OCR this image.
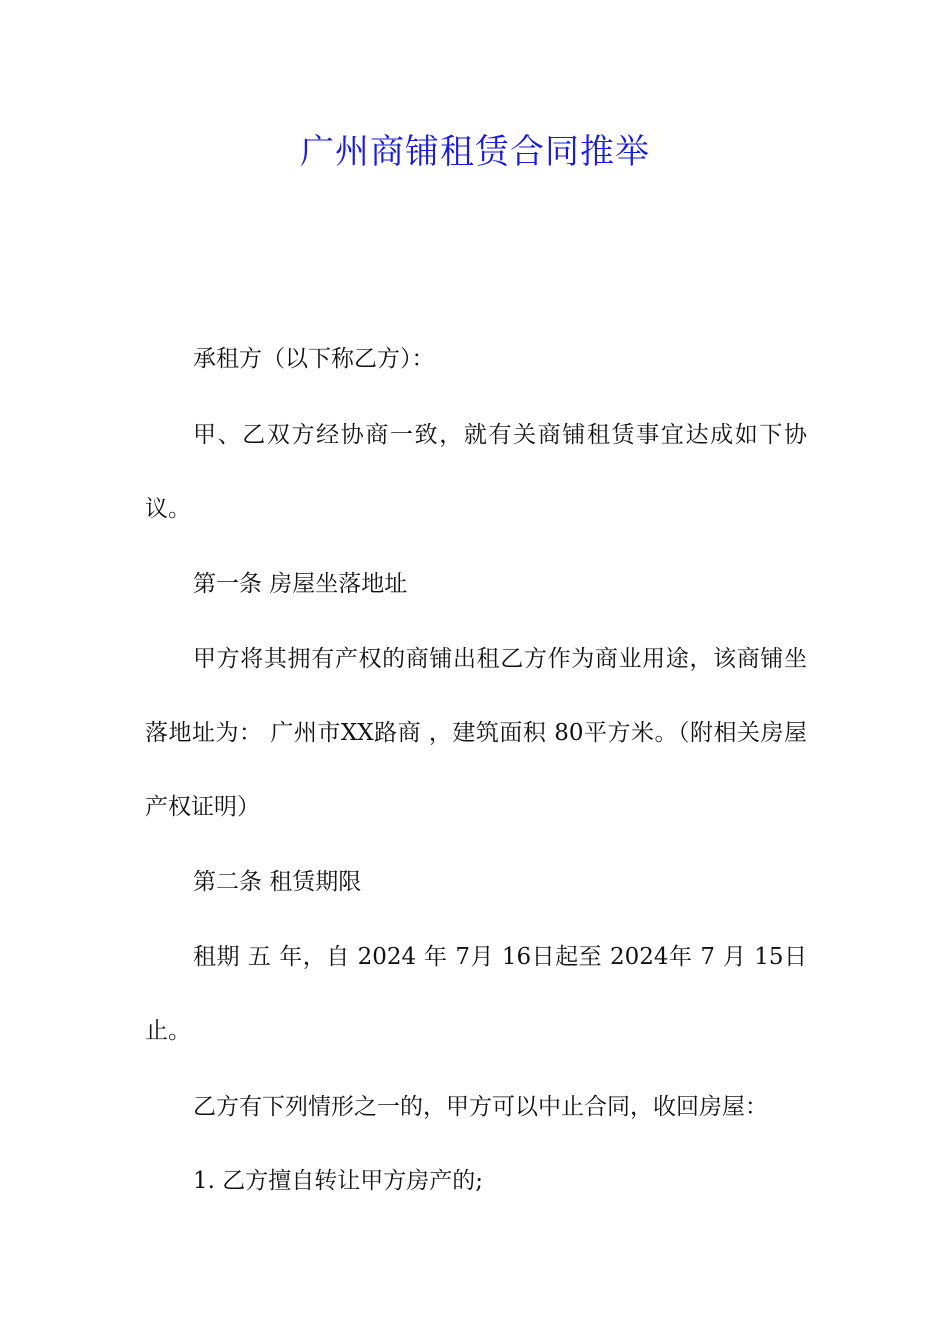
广州商铺租赁合同推举

承租方（以下称乙方）：

甲、乙双方经协商一致，就有关商铺租赁事宜达成如下协议。

第一条 房屋坐落地址

甲方将其拥有产权的商铺出租乙方作为商业用途，该商铺坐落地址为： 广州市XX路商 ，建筑面积 80平方米。（附相关房屋产权证明）

第二条 租赁期限

租期 五 年，自 2024 年 7月 16日起至 2024年 7 月 15日止。

乙方有下列情形之一的，甲方可以中止合同，收回房屋：

1. 乙方擅自转让甲方房产的;
